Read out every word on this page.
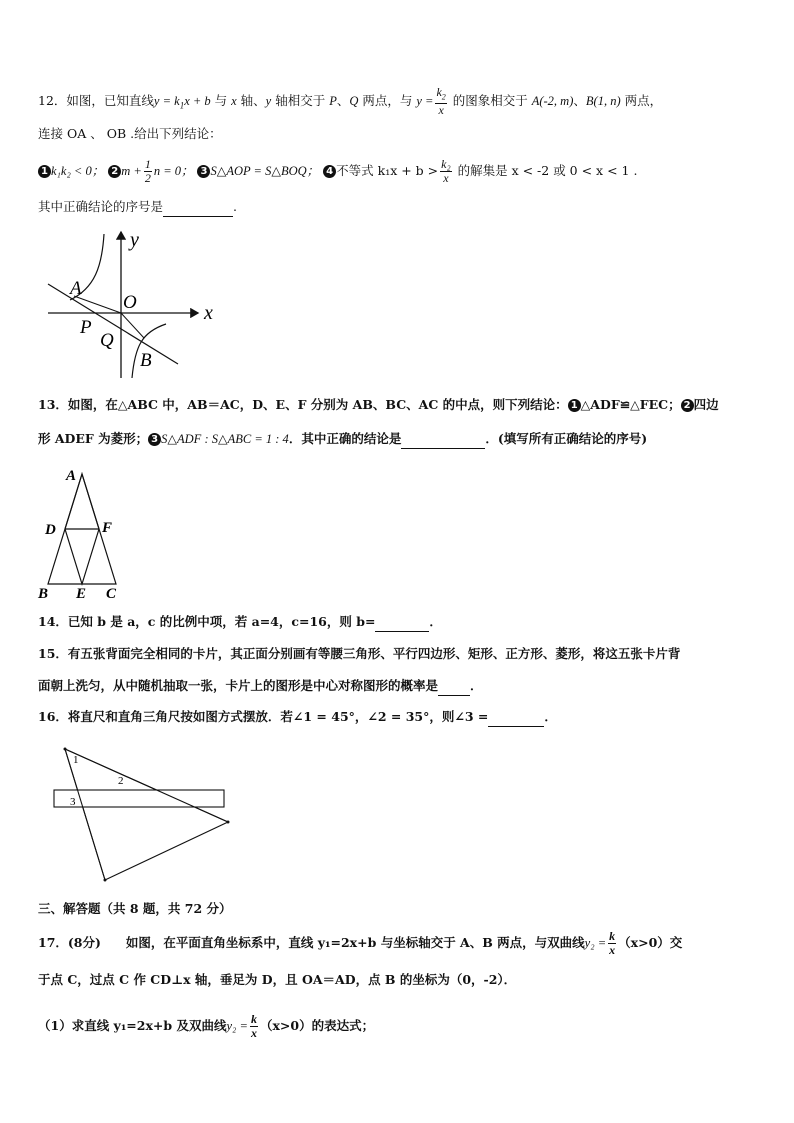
12．如图，已知直线$y = k_1x + b$ 与 x 轴、y 轴相交于 P、Q 两点，与 $y = \frac{k_2}{x}$ 的图象相交于 A(-2, m)、B(1, n) 两点，
连接 OA 、 OB .给出下列结论：
1 k₁k₂ < 0； 2 $m + \frac{1}{2}$ n = 0； 3 S△AOP = S△BOQ； 4 不等式 $k_1x + b > \frac{\text{k₂}}{x}$ 的解集是 x < -2 或 0 < x < 1 .
其中正确结论的序号是	.
y
x
O
A
P
Q
B
13．如图，在△ABC 中，AB＝AC，D、E、F 分别为 AB、BC、AC 的中点，则下列结论： 1 △ADF≌△FEC； 2 四边
形 ADEF 为菱形； 3 S△ADF : S△ABC = 1 : 4．其中正确的结论是	．(填写所有正确结论的序号)
A
D	F
B E C
14．已知 b 是 a，c 的比例中项，若 a=4，c=16，则 b=	．
15．有五张背面完全相同的卡片，其正面分别画有等腰三角形、平行四边形、矩形、正方形、菱形，将这五张卡片背
面朝上洗匀，从中随机抽取一张，卡片上的图形是中心对称图形的概率是	．
16．将直尺和直角三角尺按如图方式摆放．若∠1 = 45°，∠2 = 35°，则∠3 =	．
1
2
3
三、解答题（共 8 题，共 72 分）
17．(8分)　　如图，在平面直角坐标系中，直线 y₁=2x+b 与坐标轴交于 A、B 两点，与双曲线$y_2 = \frac{k}{x} (x>0)$交
于点 C，过点 C 作 CD⊥x 轴，垂足为 D，且 OA＝AD，点 B 的坐标为（0，-2）．
（1）求直线 y₁=2x+b 及双曲线$y_2 = \frac{k}{x} (x>0)$的表达式；
